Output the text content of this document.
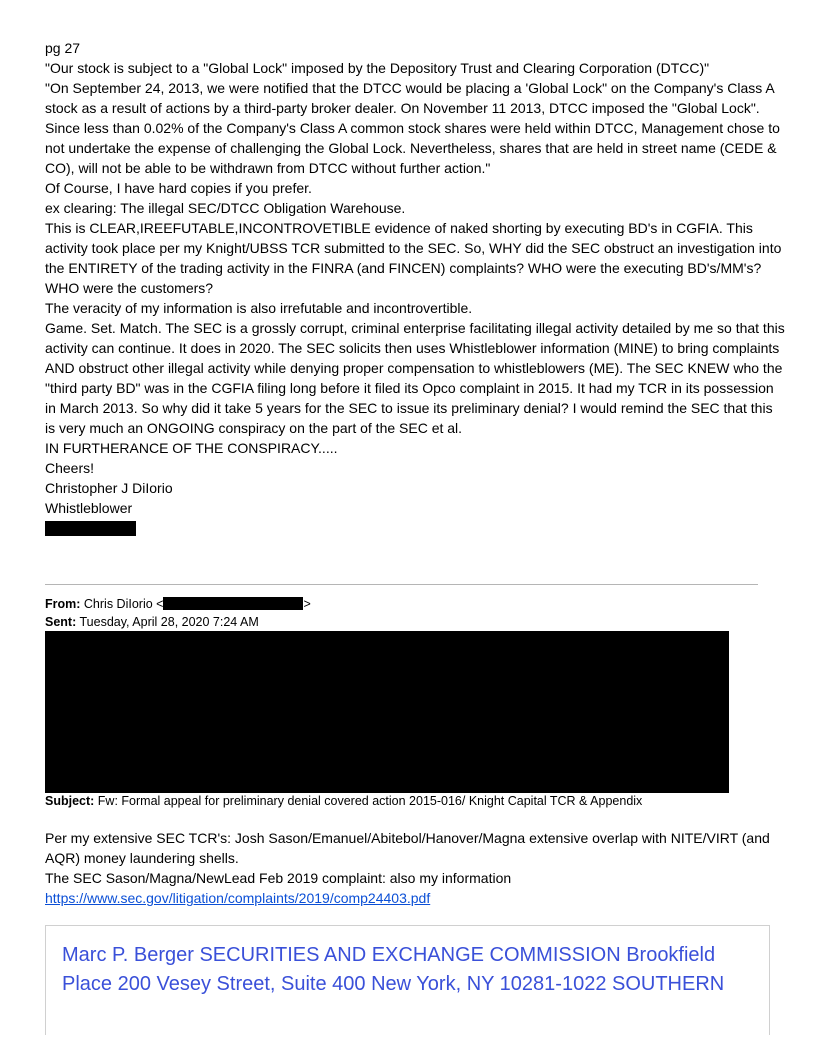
pg 27

"Our stock is subject to a "Global Lock" imposed by the Depository Trust and Clearing Corporation (DTCC)"

"On September 24, 2013, we were notified that the DTCC would be placing a 'Global Lock" on the Company's Class A stock as a result of actions by a third-party broker dealer. On November 11 2013, DTCC imposed the "Global Lock". Since less than 0.02% of the Company's Class A common stock shares were held within DTCC, Management chose to not undertake the expense of challenging the Global Lock. Nevertheless, shares that are held in street name (CEDE & CO), will not be able to be withdrawn from DTCC without further action."

Of Course, I have hard copies if you prefer.

ex clearing: The illegal SEC/DTCC Obligation Warehouse.

This is CLEAR,IREEFUTABLE,INCONTROVETIBLE evidence of naked shorting by executing BD's in CGFIA. This activity took place per my Knight/UBSS TCR submitted to the SEC. So, WHY did the SEC obstruct an investigation into the ENTIRETY of the trading activity in the FINRA (and FINCEN) complaints? WHO were the executing BD's/MM's? WHO were the customers?

The veracity of my information is also irrefutable and incontrovertible.

Game. Set. Match. The SEC is a grossly corrupt, criminal enterprise facilitating illegal activity detailed by me so that this activity can continue. It does in 2020. The SEC solicits then uses Whistleblower information (MINE) to bring complaints AND obstruct other illegal activity while denying proper compensation to whistleblowers (ME). The SEC KNEW who the "third party BD" was in the CGFIA filing long before it filed its Opco complaint in 2015. It had my TCR in its possession in March 2013. So why did it take 5 years for the SEC to issue its preliminary denial? I would remind the SEC that this is very much an ONGOING conspiracy on the part of the SEC et al.

IN FURTHERANCE OF THE CONSPIRACY.....

Cheers!

Christopher J DiIorio

Whistleblower

From: Chris DiIorio <	>
Sent: Tuesday, April 28, 2020 7:24 AM
Subject: Fw: Formal appeal for preliminary denial covered action 2015-016/ Knight Capital TCR & Appendix

Per my extensive SEC TCR's: Josh Sason/Emanuel/Abitebol/Hanover/Magna extensive overlap with NITE/VIRT (and AQR) money laundering shells.

The SEC Sason/Magna/NewLead Feb 2019 complaint: also my information

https://www.sec.gov/litigation/complaints/2019/comp24403.pdf

Marc P. Berger SECURITIES AND EXCHANGE COMMISSION Brookfield Place 200 Vesey Street, Suite 400 New York, NY 10281-1022 SOUTHERN
